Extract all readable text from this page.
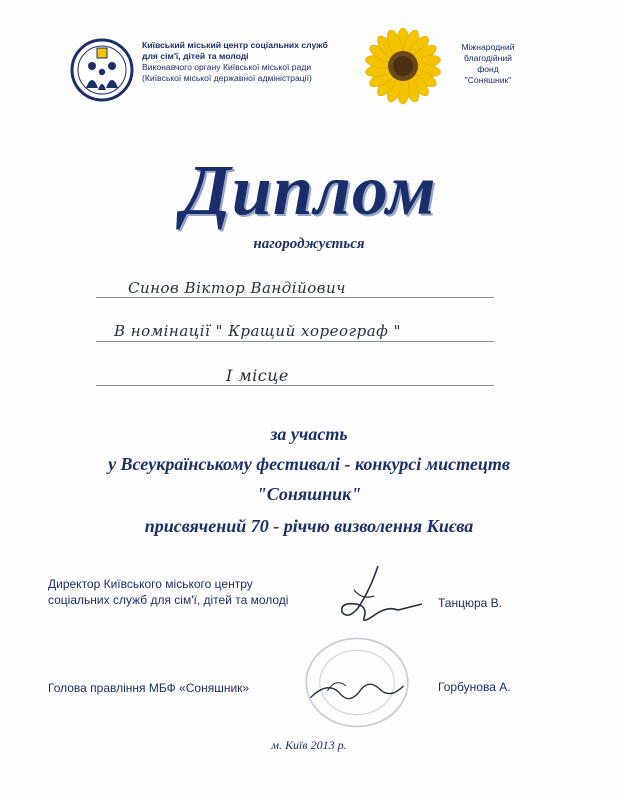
Київський міський центр соціальних служб
для сім'ї, дітей та молоді
Виконавчого органу Київської міської ради
(Київської міської державної адміністрації)
Міжнародний
благодійний
фонд
"Соняшник"
Диплом
нагороджується
Синов Віктор Вандійович
В номінації " Кращий хореограф "
І місце
за участь
у Всеукраїнському фестивалі - конкурсі мистецтв
"Соняшник"
присвячений 70 - річчю визволення Києва
Директор Київського міського центру
соціальних служб для сім'ї, дітей та молоді	Танцюра В.
Голова правління МБФ «Соняшник»	Горбунова А.
м. Київ 2013 р.
